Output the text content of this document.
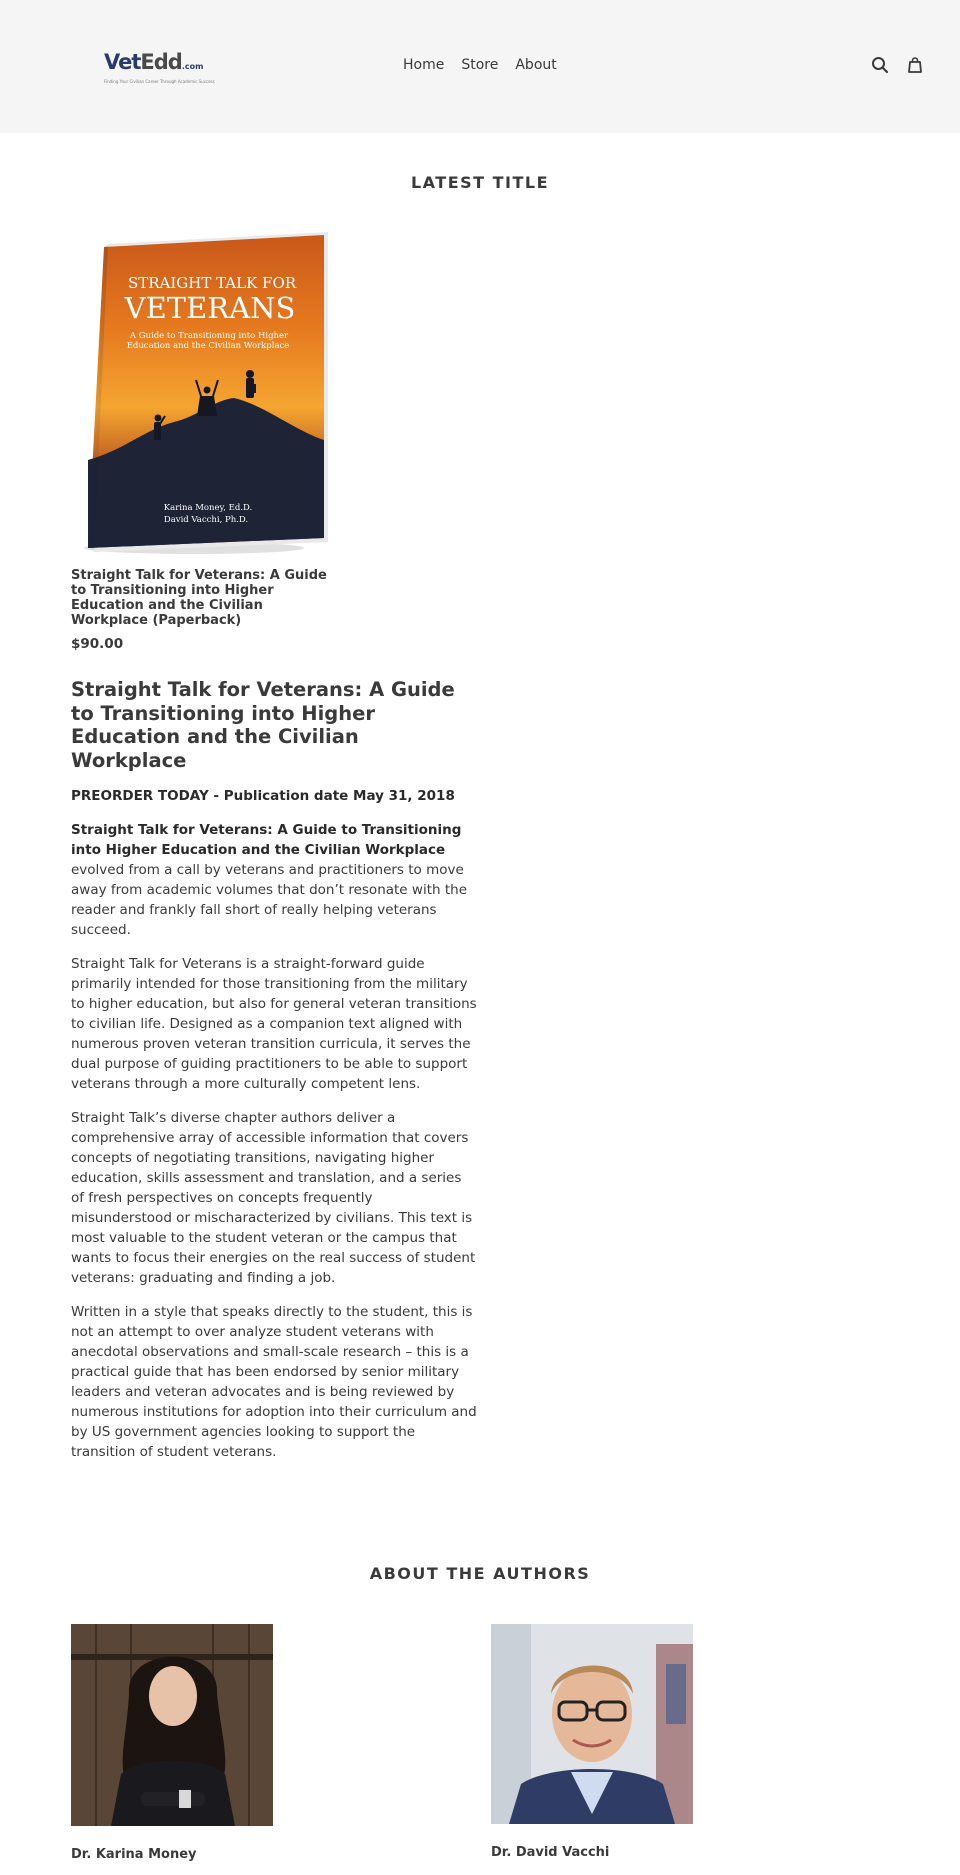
VetEdd.com
Finding Your Civilian Career Through Academic Success
Home Store About
LATEST TITLE
STRAIGHT TALK FOR
VETERANS
A Guide to Transitioning into Higher
Education and the Civilian Workplace
Karina Money, Ed.D.
David Vacchi, Ph.D.
Straight Talk for Veterans: A Guide to Transitioning into Higher Education and the Civilian Workplace (Paperback)
$90.00
Straight Talk for Veterans: A Guide to Transitioning into Higher Education and the Civilian Workplace

PREORDER TODAY - Publication date May 31, 2018

Straight Talk for Veterans: A Guide to Transitioning into Higher Education and the Civilian Workplace evolved from a call by veterans and practitioners to move away from academic volumes that don’t resonate with the reader and frankly fall short of really helping veterans succeed.

Straight Talk for Veterans is a straight-forward guide primarily intended for those transitioning from the military to higher education, but also for general veteran transitions to civilian life. Designed as a companion text aligned with numerous proven veteran transition curricula, it serves the dual purpose of guiding practitioners to be able to support veterans through a more culturally competent lens.

Straight Talk’s diverse chapter authors deliver a comprehensive array of accessible information that covers concepts of negotiating transitions, navigating higher education, skills assessment and translation, and a series of fresh perspectives on concepts frequently misunderstood or mischaracterized by civilians. This text is most valuable to the student veteran or the campus that wants to focus their energies on the real success of student veterans: graduating and finding a job.

Written in a style that speaks directly to the student, this is not an attempt to over analyze student veterans with anecdotal observations and small-scale research – this is a practical guide that has been endorsed by senior military leaders and veteran advocates and is being reviewed by numerous institutions for adoption into their curriculum and by US government agencies looking to support the transition of student veterans.

ABOUT THE AUTHORS
Dr. Karina Money	Dr. David Vacchi
